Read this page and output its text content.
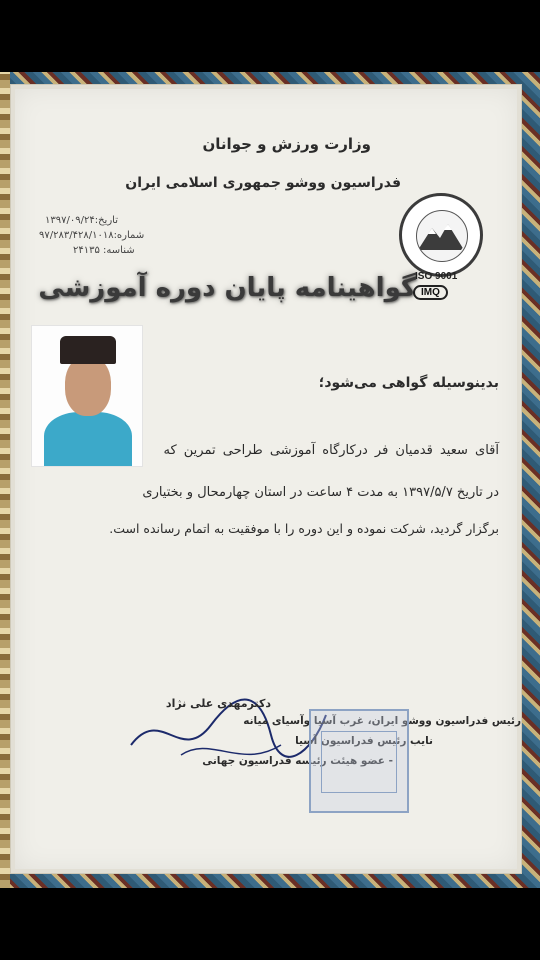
وزارت ورزش و جوانان
فدراسیون ووشو جمهوری اسلامی ایران
تاریخ:۱۳۹۷/۰۹/۲۴
شماره:۹۷/۲۸۳/۴۲۸/۱۰۱۸
شناسه: ۲۴۱۳۵
ISO 9001
IMQ
گواهینامه پایان دوره آموزشی
بدینوسیله گواهی می‌شود؛
آقای سعید قدمیان فر درکارگاه آموزشی طراحی تمرین که
در تاریخ ۱۳۹۷/۵/۷ به مدت ۴ ساعت در استان چهارمحال و بختیاری
برگزار گردید، شرکت نموده و این دوره را با موفقیت به اتمام رسانده است.
دکترمهدی علی نژاد
رئیس فدراسیون ووشو ایران، غرب آسیا وآسیای میانه
نایب رئیس فدراسیون آسیا
- عضو هیئت رئیسه فدراسیون جهانی
